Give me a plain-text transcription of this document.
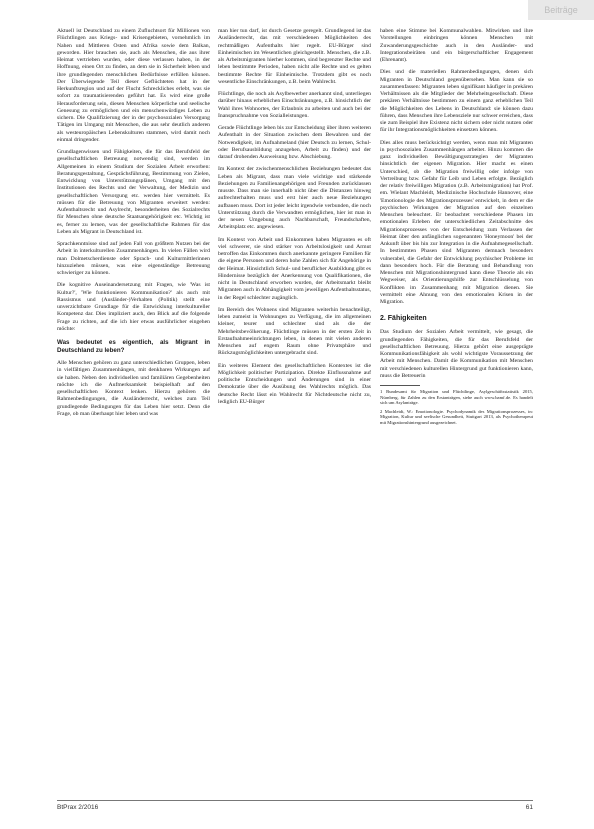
Beiträge

Aktuell ist Deutschland zu einem Zufluchtsort für Millionen von Flüchtlingen aus Kriegs- und Krisengebieten, vornehmlich im Nahen und Mittleren Osten und Afrika sowie dem Balkan, geworden. Hier brauchen sie, auch als Menschen, die aus ihrer Heimat vertrieben wurden, oder diese verlassen haben, in der Hoffnung, einen Ort zu finden, an dem sie in Sicherheit leben und ihre grundlegenden menschlichen Bedürfnisse erfüllen können. Der Überwiegende Teil dieser Geflüchteten hat in der Herkunftsregion und auf der Flucht Schreckliches erlebt, was sie sofort zu traumatisierenden geführt hat. Es wird eine große Herausforderung sein, diesen Menschen körperliche und seelische Genesung zu ermöglichen und ein menschenwürdiges Leben zu sichern. Die Qualifizierung der in der psychosozialen Versorgung Tätigen im Umgang mit Menschen, die aus sehr deutlich anderen als westeuropäischen Lebenskulturen stammen, wird damit noch einmal dringender.

Grundlagenwissen und Fähigkeiten, die für das Berufsfeld der gesellschaftlichen Betreuung notwendig sind, werden im Allgemeinen in einem Studium der Sozialen Arbeit erworben: Beratungsgestaltung, Gesprächsführung, Bestimmung von Zielen, Entwicklung von Unterstützungsplänen, Umgang mit den Institutionen des Rechts und der Verwaltung, der Medizin und gesellschaftlichen Versorgung etc. werden hier vermittelt. Es müssen für die Betreuung von Migranten erweitert werden: Aufenthaltsrecht und Asylrecht, besonderheiten des Sozialrechts für Menschen ohne deutsche Staatsangehörigkeit etc. Wichtig ist es, ferner zu lernen, was der gesellschaftliche Rahmen für das Leben als Migrant in Deutschland ist.

Sprachkenntnisse sind auf jeden Fall von größtem Nutzen bei der Arbeit in interkulturellen Zusammenhängen. In vielen Fällen wird man Dolmetscherdienste oder Sprach- und Kulturmittlerinnen hinzuziehen müssen, was eine eigenständige Betreuung schwieriger zu können.

Die kognitive Auseinandersetzung mit Fragen, wie 'Was ist Kultur?', 'Wie funktionieren Kommunikation?' als auch mit Rassismus und (Ausländer-)Verhalten (Politik) stellt eine unverzichtbare Grundlage für die Entwicklung interkultureller Kompetenz dar. Dies impliziert auch, den Blick auf die folgende Frage zu richten, auf die ich hier etwas ausführlicher eingehen möchte:

Was bedeutet es eigentlich, als Migrant in Deutschland zu leben?

Alle Menschen gehören zu ganz unterschiedlichen Gruppen, leben in vielfältigen Zusammenhängen, mit denkbaren Wirkungen auf sie haben. Neben den individuellen und familiären Gegebenheiten möchte ich die Aufmerksamkeit beispielhaft auf den gesellschaftlichen Kontext lenken. Hierzu gehören die Rahmenbedingungen, die Ausländerrecht, welches zum Teil grundlegende Bedingungen für das Leben hier setzt. Denn die Frage, ob man überhaupt hier leben und was

man hier tun darf, ist durch Gesetze geregelt. Grundlegend ist das Ausländerrecht, das mit verschiedenen Möglichkeiten des rechtmäßigen Aufenthalts hier regelt. EU-Bürger sind Einheimischen im Wesentlichen gleichgestellt. Menschen, die z.B. als Arbeitsmigranten hierher kommen, sind begrenzter Rechte und leben bestimmte Perioden, haben nicht alle Rechte und es gelten bestimmte Rechte für Einheimische. Trotzdem gibt es noch wesentliche Einschränkungen, z.B. beim Wahlrecht.

Flüchtlinge, die noch als Asylbewerber anerkannt sind, unterliegen darüber hinaus erheblichen Einschränkungen, z.B. hinsichtlich der Wahl ihres Wohnortes, der Erlaubnis zu arbeiten und auch bei der Inanspruchnahme von Sozialleistungen.

Gerade Flüchtlinge leben bis zur Entscheidung über ihren weiteren Aufenthalt in der Situation zwischen dem Bewahren und der Notwendigkeit, im Aufnahmeland (hier Deutsch zu lernen, Schul- oder Berufsausbildung anzugehen, Arbeit zu finden) und der darauf drohenden Ausweisung bzw. Abschiebung.

Im Kontext der zwischenmenschlichen Beziehungen bedeutet das Leben als Migrant, dass man viele wichtige und stärkende Beziehungen zu Familienangehörigen und Freunden zurücklassen musste. Dass man sie innerhalb nicht über die Distanzen hinweg aufrechterhalten muss und erst hier auch neue Beziehungen aufbauen muss. Dort ist jeder leicht irgendwie verbunden, die noch Unterstützung durch die Verwandten ermöglichen, hier ist man in der neuen Umgebung auch Nachbarschaft, Freundschaften, Arbeitsplatz etc. angewiesen.

Im Kontext von Arbeit und Einkommen haben Migranten es oft viel schwerer, sie sind stärker von Arbeitslosigkeit und Armut betroffen das Einkommen durch anerkannte geringere Familien für die eigene Personen und deren hohe Zahlen sich für Angehörige in der Heimat. Hinsichtlich Schul- und beruflicher Ausbildung gibt es Hindernisse bezüglich der Anerkennung von Qualifikationen, die nicht in Deutschland erworben wurden, der Arbeitsmarkt bleibt Migranten auch in Abhängigkeit vom jeweiligen Aufenthaltsstatus, in der Regel schlechter zugänglich.

Im Bereich des Wohnens sind Migranten weiterhin benachteiligt, leben zumeist in Wohnungen zu Verfügung, die im allgemeinen kleiner, teurer und schlechter sind als die der Mehrheitsbevölkerung. Flüchtlinge müssen in der ersten Zeit in Erstaufnahmeeinrichtungen leben, in denen mit vielen anderen Menschen auf engem Raum ohne Privatsphäre und Rückzugsmöglichkeiten untergebracht sind.

Ein weiteres Element des gesellschaftlichen Kontextes ist die Möglichkeit politischer Partizipation. Direkte Einflussnahme auf politische Entscheidungen und Änderungen sind in einer Demokratie über die Ausübung des Wahlrechts möglich. Das deutsche Recht lässt ein Wahlrecht für Nichtdeutsche nicht zu, lediglich EU-Bürger

haben eine Stimme bei Kommunalwahlen. Mitwirken und ihre Vorstellungen einbringen können Menschen mit Zuwanderungsgeschichte auch in den Ausländer- und Integrationsbeiräten und ein bürgerschaftlicher Engagement (Ehrenamt).

Dies und die materiellen Rahmenbedingungen, denen sich Migranten in Deutschland gegenübersehen. Man kann sie so zusammenfassen: Migranten leben signifikant häufiger in prekären Verhältnissen als die Mitglieder der Mehrheitsgesellschaft. Diese prekären Verhältnisse bestimmen zu einem ganz erheblichen Teil die Möglichkeiten des Lebens in Deutschland: sie können dazu führen, dass Menschen ihre Lebensziele nur schwer erreichen, dass sie zum Beispiel ihre Existenz nicht sichern oder nicht nutzen oder für ihr Integrationsmöglichkeiten einsetzen können.

Dies alles muss berücksichtigt werden, wenn man mit Migranten in psychosozialen Zusammenhängen arbeitet. Hinzu kommen die ganz individuellen Bewältigungsstrategien der Migranten hinsichtlich der eigenen Migration. Hier macht es einen Unterschied, ob die Migration freiwillig oder infolge von Vertreibung bzw. Gefahr für Leib und Leben erfolgte. Bezüglich der relativ freiwilligen Migration (z.B. Arbeitsmigration) hat Prof. em. Wielant Machleidt, Medizinische Hochschule Hannover, eine 'Emotionologie des Migrationsprozesses' entwickelt, in dem er die psychischen Wirkungen der Migration auf den einzelnen Menschen beleuchtet. Er beobachtet verschiedene Phasen im emotionalen Erleben der unterschiedlichen Zeitabschnitte des Migrationsprozesses von der Entscheidung zum Verlassen der Heimat über den anfänglichen sogenannten 'Honeymoon' bei der Ankunft über bis hin zur Integration in die Aufnahmegesellschaft. In bestimmten Phasen sind Migranten demnach besonders vulnerabel, die Gefahr der Entwicklung psychischer Probleme ist dann besonders hoch. Für die Beratung und Behandlung von Menschen mit Migrationshintergrund kann diese Theorie als ein Wegweiser, als Orientierungshilfe zur Entschlüsselung von Konflikten im Zusammenhang mit Migration dienen. Sie vermittelt eine Ahnung von den emotionalen Krisen in der Migration.

2. Fähigkeiten

Das Studium der Sozialen Arbeit vermittelt, wie gesagt, die grundlegenden Fähigkeiten, die für das Berufsfeld der gesellschaftlichen Betreuung. Hierzu gehört eine ausgeprägte Kommunikationsfähigkeit als wohl wichtigste Voraussetzung der Arbeit mit Menschen. Damit die Kommunikation mit Menschen mit verschiedenen kulturellen Hintergrund gut funktionieren kann, muss die Betreuerin

1 Bundesamt für Migration und Flüchtlinge, Asylgeschäftsstatistik 2015, Nürnberg, für Zahlen zu den Erstanträgen, siehe auch www.bamf.de. Es handelt sich um Asylanträge.

2 Machleidt, W.: Emotionologie. Psychodynamik des Migrationsprozesses, in: Migration, Kultur und seelische Gesundheit, Stuttgart 2013, als Psychotherapeut mit Migrationshintergrund ausgezeichnet.

BtPrax 2/2016	61
